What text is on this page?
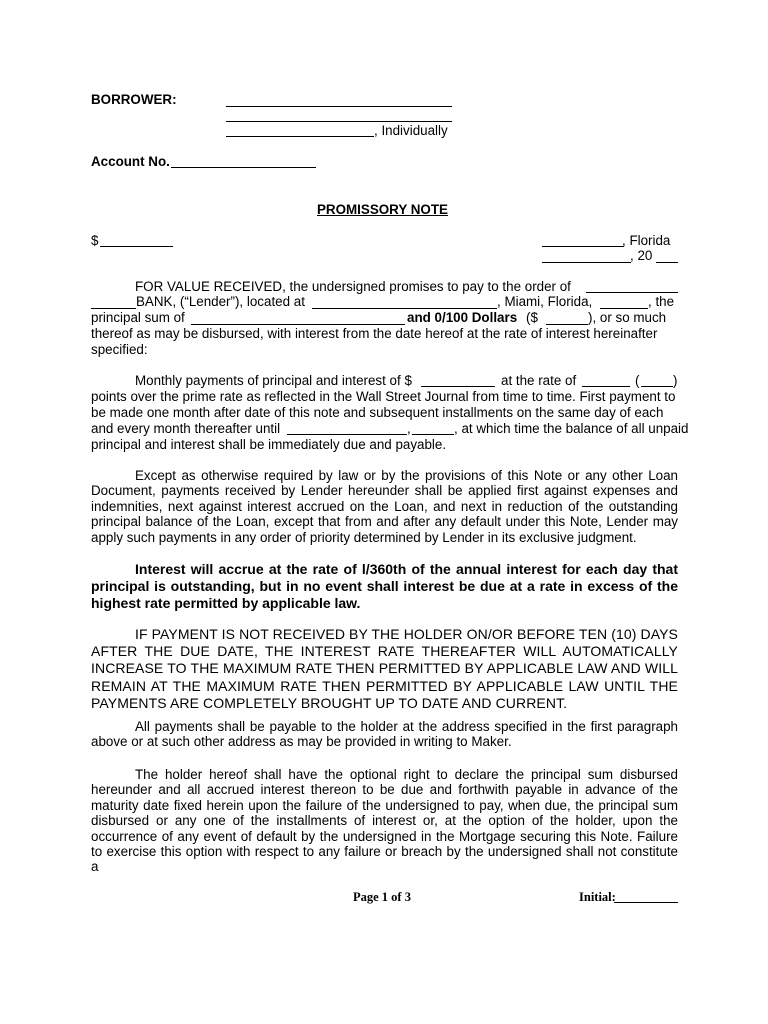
BORROWER:
, Individually
Account No.
PROMISSORY NOTE
$	, Florida
, 20
FOR VALUE RECEIVED, the undersigned promises to pay to the order of
BANK, (“Lender”), located at	, Miami, Florida,	, the
principal sum of	and 0/100 Dollars ($	), or so much
thereof as may be disbursed, with interest from the date hereof at the rate of interest hereinafter
specified:
Monthly payments of principal and interest of $	at the rate of	(	)
points over the prime rate as reflected in the Wall Street Journal from time to time. First payment to
be made one month after date of this note and subsequent installments on the same day of each
and every month thereafter until	,	, at which time the balance of all unpaid
principal and interest shall be immediately due and payable.
Except as otherwise required by law or by the provisions of this Note or any other Loan Document, payments received by Lender hereunder shall be applied first against expenses and indemnities, next against interest accrued on the Loan, and next in reduction of the outstanding principal balance of the Loan, except that from and after any default under this Note, Lender may apply such payments in any order of priority determined by Lender in its exclusive judgment.
Interest will accrue at the rate of l/360th of the annual interest for each day that principal is outstanding, but in no event shall interest be due at a rate in excess of the highest rate permitted by applicable law.
IF PAYMENT IS NOT RECEIVED BY THE HOLDER ON/OR BEFORE TEN (10) DAYS AFTER THE DUE DATE, THE INTEREST RATE THEREAFTER WILL AUTOMATICALLY INCREASE TO THE MAXIMUM RATE THEN PERMITTED BY APPLICABLE LAW AND WILL REMAIN AT THE MAXIMUM RATE THEN PERMITTED BY APPLICABLE LAW UNTIL THE PAYMENTS ARE COMPLETELY BROUGHT UP TO DATE AND CURRENT.
All payments shall be payable to the holder at the address specified in the first paragraph above or at such other address as may be provided in writing to Maker.
The holder hereof shall have the optional right to declare the principal sum disbursed hereunder and all accrued interest thereon to be due and forthwith payable in advance of the maturity date fixed herein upon the failure of the undersigned to pay, when due, the principal sum disbursed or any one of the installments of interest or, at the option of the holder, upon the occurrence of any event of default by the undersigned in the Mortgage securing this Note. Failure to exercise this option with respect to any failure or breach by the undersigned shall not constitute a
Page 1 of 3	Initial:
